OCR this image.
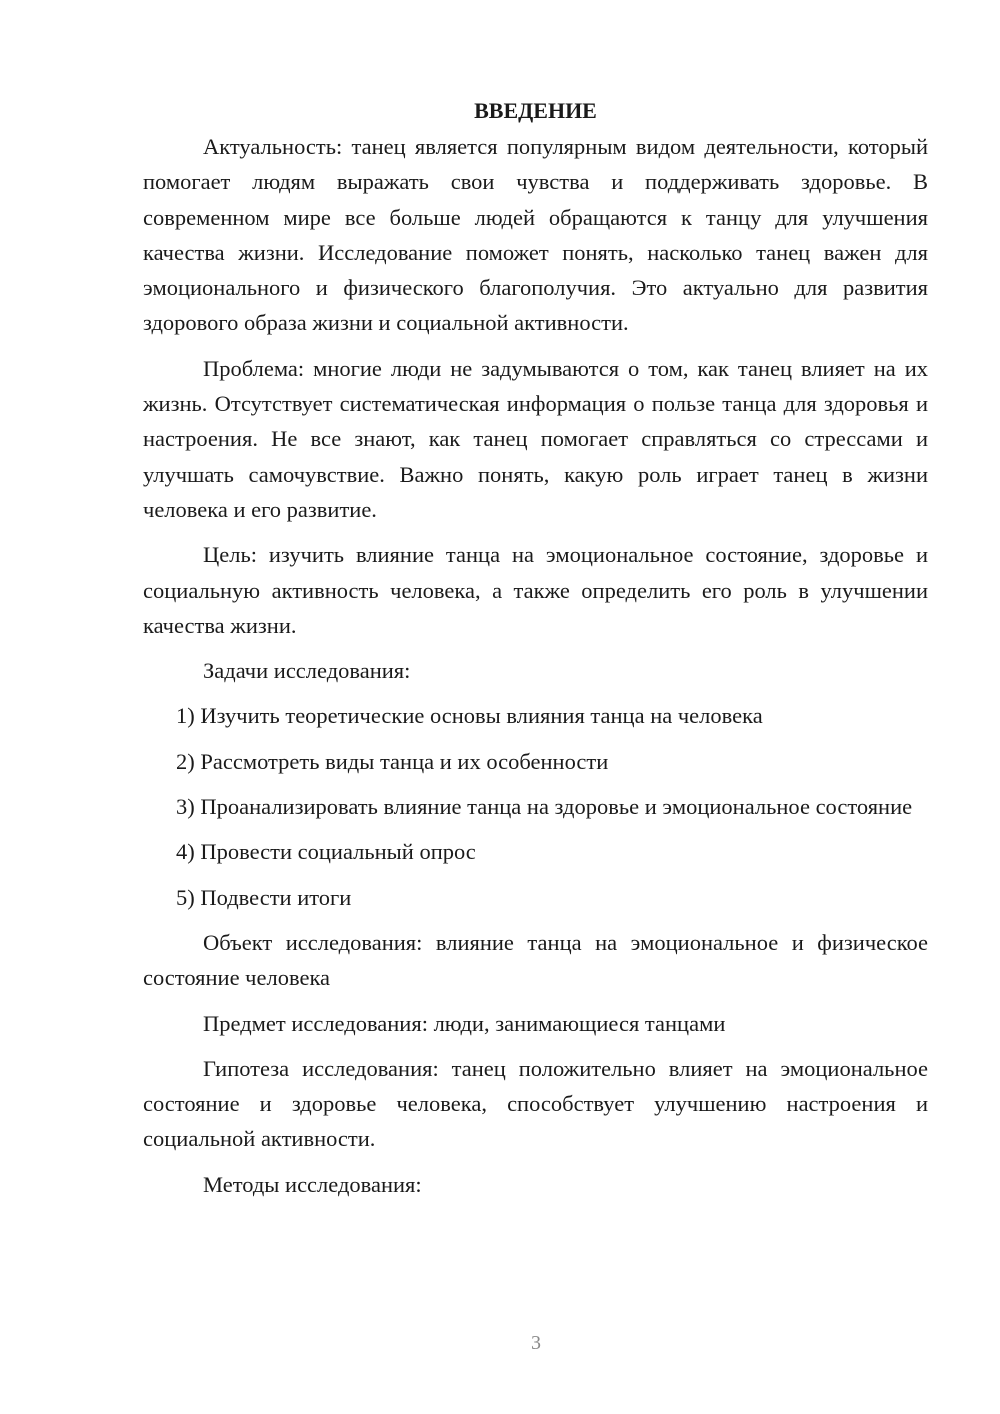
ВВЕДЕНИЕ

Актуальность: танец является популярным видом деятельности, который помогает людям выражать свои чувства и поддерживать здоровье. В современном мире все больше людей обращаются к танцу для улучшения качества жизни. Исследование поможет понять, насколько танец важен для эмоционального и физического благополучия. Это актуально для развития здорового образа жизни и социальной активности.

Проблема: многие люди не задумываются о том, как танец влияет на их жизнь. Отсутствует систематическая информация о пользе танца для здоровья и настроения. Не все знают, как танец помогает справляться со стрессами и улучшать самочувствие. Важно понять, какую роль играет танец в жизни человека и его развитие.

Цель: изучить влияние танца на эмоциональное состояние, здоровье и социальную активность человека, а также определить его роль в улучшении качества жизни.

Задачи исследования:

1) Изучить теоретические основы влияния танца на человека

2) Рассмотреть виды танца и их особенности

3) Проанализировать влияние танца на здоровье и эмоциональное состояние

4) Провести социальный опрос

5) Подвести итоги

Объект исследования: влияние танца на эмоциональное и физическое состояние человека

Предмет исследования: люди, занимающиеся танцами

Гипотеза исследования: танец положительно влияет на эмоциональное состояние и здоровье человека, способствует улучшению настроения и социальной активности.

Методы исследования:

3
